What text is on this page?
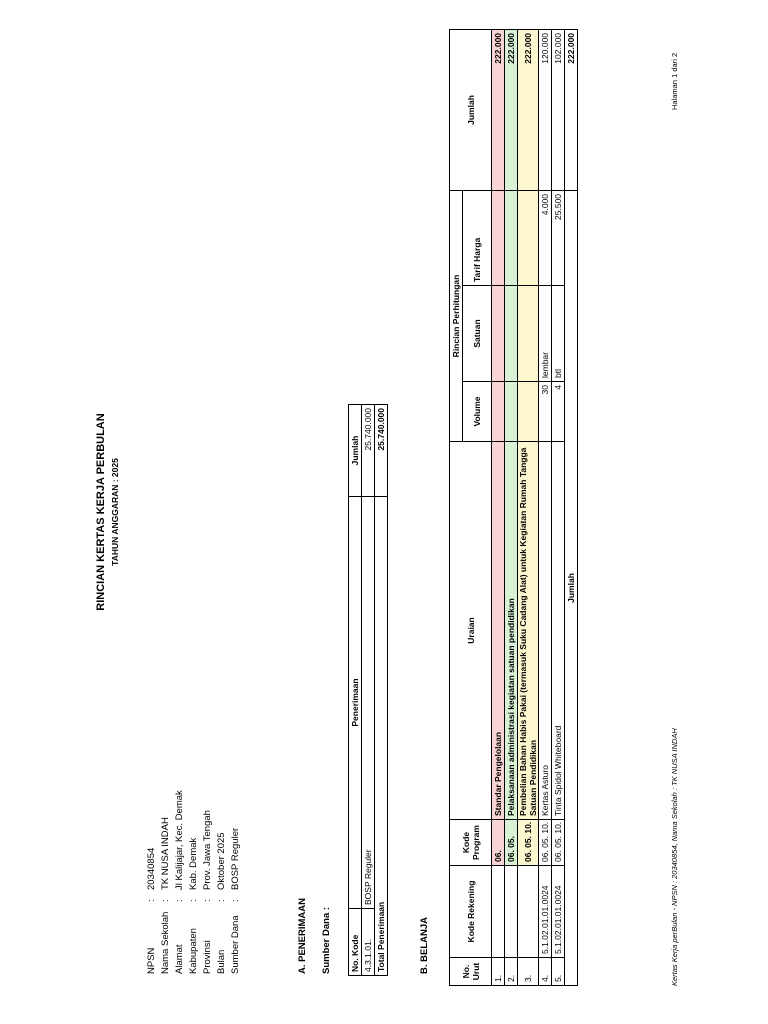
RINCIAN KERTAS KERJA PERBULAN TAHUN ANGGARAN : 2025
NPSN	:	20340854
Nama Sekolah	:	TK NUSA INDAH
Alamat	:	Jl Kalijajar, Kec. Demak
Kabupaten	:	Kab. Demak
Provinsi	:	Prov. Jawa Tengah
Bulan	:	Oktober 2025
Sumber Dana	:	BOSP Reguler
A. PENERIMAAN Sumber Dana : No. Kode	Penerimaan	Jumlah
4.3.1.01.	BOSP Reguler	25.740.000
Total Penerimaan		25.740.000
B. BELANJA	No. Urut	Kode Rekening	Kode Program	Uraian	Rincian Perhitungan			Jumlah
				Volume	Satuan	Tarif Harga	
1.		06.	Standar Pengelolaan				222.000
2.		06. 05.	Pelaksanaan administrasi kegiatan satuan pendidikan				222.000
3.		06. 05. 10.	Pembelian Bahan Habis Pakai (termasuk Suku Cadang Alat) untuk Kegiatan Rumah Tangga Satuan Pendidikan				222.000
4.	5.1.02.01.01.0024	06. 05. 10.	Kertas Asturo	30	lembar	4.000	120.000
5.	5.1.02.01.01.0024	06. 05. 10.	Tinta Spidol Whiteboard	4	btl	25.500	102.000
Jumlah							222.000
Kertas Kerja perBulan - NPSN : 20340854, Nama Sekolah : TK NUSA INDAH
Halaman 1 dari 2
